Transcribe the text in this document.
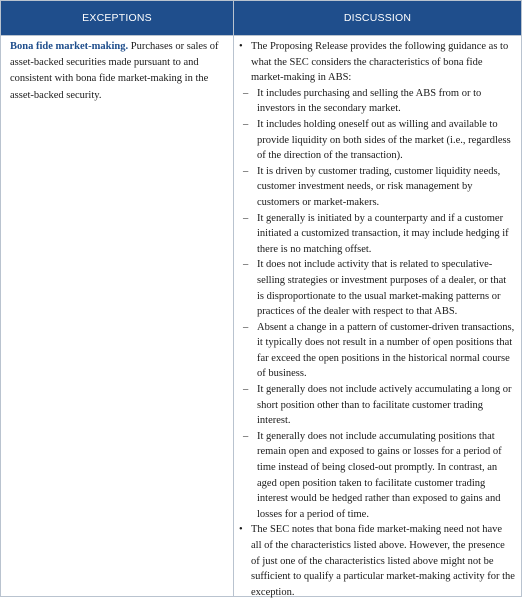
EXCEPTIONS	DISCUSSION
Bona fide market-making. Purchases or sales of asset-backed securities made pursuant to and consistent with bona fide market-making in the asset-backed security.
• The Proposing Release provides the following guidance as to what the SEC considers the characteristics of bona fide market-making in ABS:
– It includes purchasing and selling the ABS from or to investors in the secondary market.
– It includes holding oneself out as willing and available to provide liquidity on both sides of the market (i.e., regardless of the direction of the transaction).
– It is driven by customer trading, customer liquidity needs, customer investment needs, or risk management by customers or market-makers.
– It generally is initiated by a counterparty and if a customer initiated a customized transaction, it may include hedging if there is no matching offset.
– It does not include activity that is related to speculative-selling strategies or investment purposes of a dealer, or that is disproportionate to the usual market-making patterns or practices of the dealer with respect to that ABS.
– Absent a change in a pattern of customer-driven transactions, it typically does not result in a number of open positions that far exceed the open positions in the historical normal course of business.
– It generally does not include actively accumulating a long or short position other than to facilitate customer trading interest.
– It generally does not include accumulating positions that remain open and exposed to gains or losses for a period of time instead of being closed-out promptly. In contrast, an aged open position taken to facilitate customer trading interest would be hedged rather than exposed to gains and losses for a period of time.
• The SEC notes that bona fide market-making need not have all of the characteristics listed above. However, the presence of just one of the characteristics listed above might not be sufficient to qualify a particular market-making activity for the exception.
